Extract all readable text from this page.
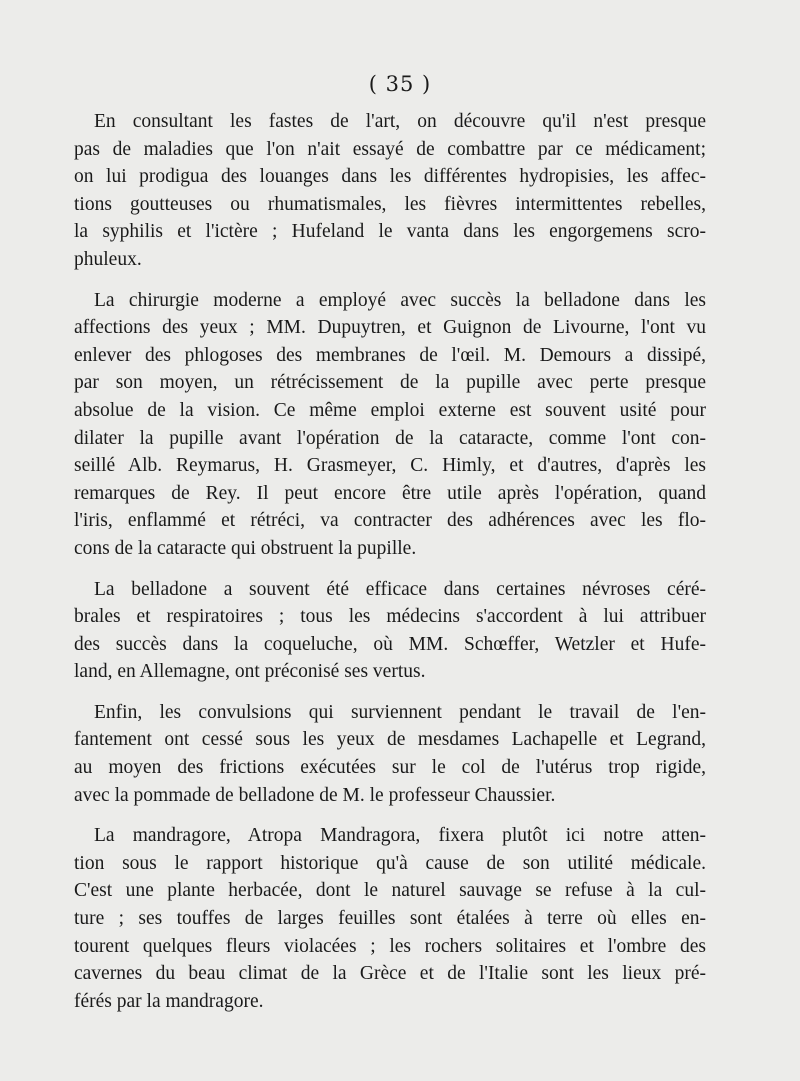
( 35 )

En consultant les fastes de l'art, on découvre qu'il n'est presque
pas de maladies que l'on n'ait essayé de combattre par ce médicament;
on lui prodigua des louanges dans les différentes hydropisies, les affec-
tions goutteuses ou rhumatismales, les fièvres intermittentes rebelles,
la syphilis et l'ictère ; Hufeland le vanta dans les engorgemens scro-
phuleux.

La chirurgie moderne a employé avec succès la belladone dans les
affections des yeux ; MM. Dupuytren, et Guignon de Livourne, l'ont vu
enlever des phlogoses des membranes de l'œil. M. Demours a dissipé,
par son moyen, un rétrécissement de la pupille avec perte presque
absolue de la vision. Ce même emploi externe est souvent usité pour
dilater la pupille avant l'opération de la cataracte, comme l'ont con-
seillé Alb. Reymarus, H. Grasmeyer, C. Himly, et d'autres, d'après les
remarques de Rey. Il peut encore être utile après l'opération, quand
l'iris, enflammé et rétréci, va contracter des adhérences avec les flo-
cons de la cataracte qui obstruent la pupille.

La belladone a souvent été efficace dans certaines névroses céré-
brales et respiratoires ; tous les médecins s'accordent à lui attribuer
des succès dans la coqueluche, où MM. Schœffer, Wetzler et Hufe-
land, en Allemagne, ont préconisé ses vertus.

Enfin, les convulsions qui surviennent pendant le travail de l'en-
fantement ont cessé sous les yeux de mesdames Lachapelle et Legrand,
au moyen des frictions exécutées sur le col de l'utérus trop rigide,
avec la pommade de belladone de M. le professeur Chaussier.

La mandragore, Atropa Mandragora, fixera plutôt ici notre atten-
tion sous le rapport historique qu'à cause de son utilité médicale.
C'est une plante herbacée, dont le naturel sauvage se refuse à la cul-
ture ; ses touffes de larges feuilles sont étalées à terre où elles en-
tourent quelques fleurs violacées ; les rochers solitaires et l'ombre des
cavernes du beau climat de la Grèce et de l'Italie sont les lieux pré-
férés par la mandragore.
